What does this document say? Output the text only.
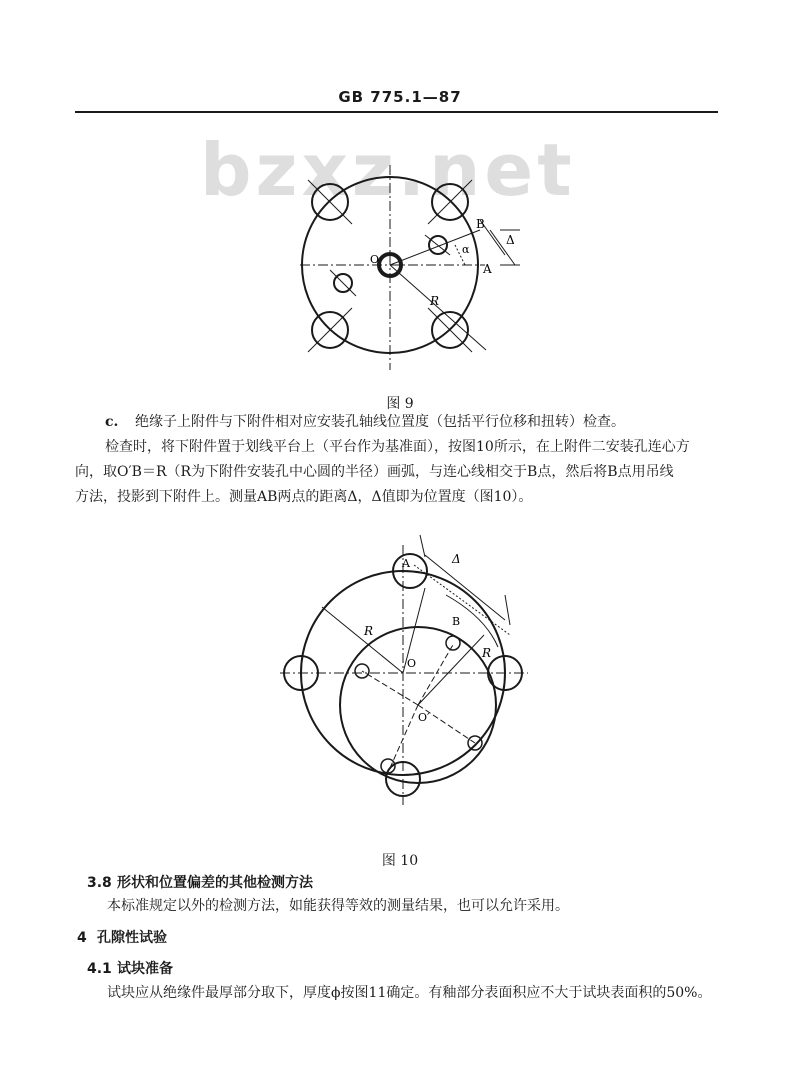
GB 775.1—87
bzxz.net
B
Δ
α
O
A
R
图 9
c. 绝缘子上附件与下附件相对应安装孔轴线位置度（包括平行位移和扭转）检查。
检查时，将下附件置于划线平台上（平台作为基准面），按图10所示，在上附件二安装孔连心方
向，取O′B＝R（R为下附件安装孔中心圆的半径）画弧，与连心线相交于B点，然后将B点用吊线
方法，投影到下附件上。测量AB两点的距离Δ，Δ值即为位置度（图10）。
A	Δ
R
B
R
O
O′
图 10
3.8 形状和位置偏差的其他检测方法
本标准规定以外的检测方法，如能获得等效的测量结果，也可以允许采用。
4 孔隙性试验
4.1 试块准备
试块应从绝缘件最厚部分取下，厚度ϕ按图11确定。有釉部分表面积应不大于试块表面积的50%。
